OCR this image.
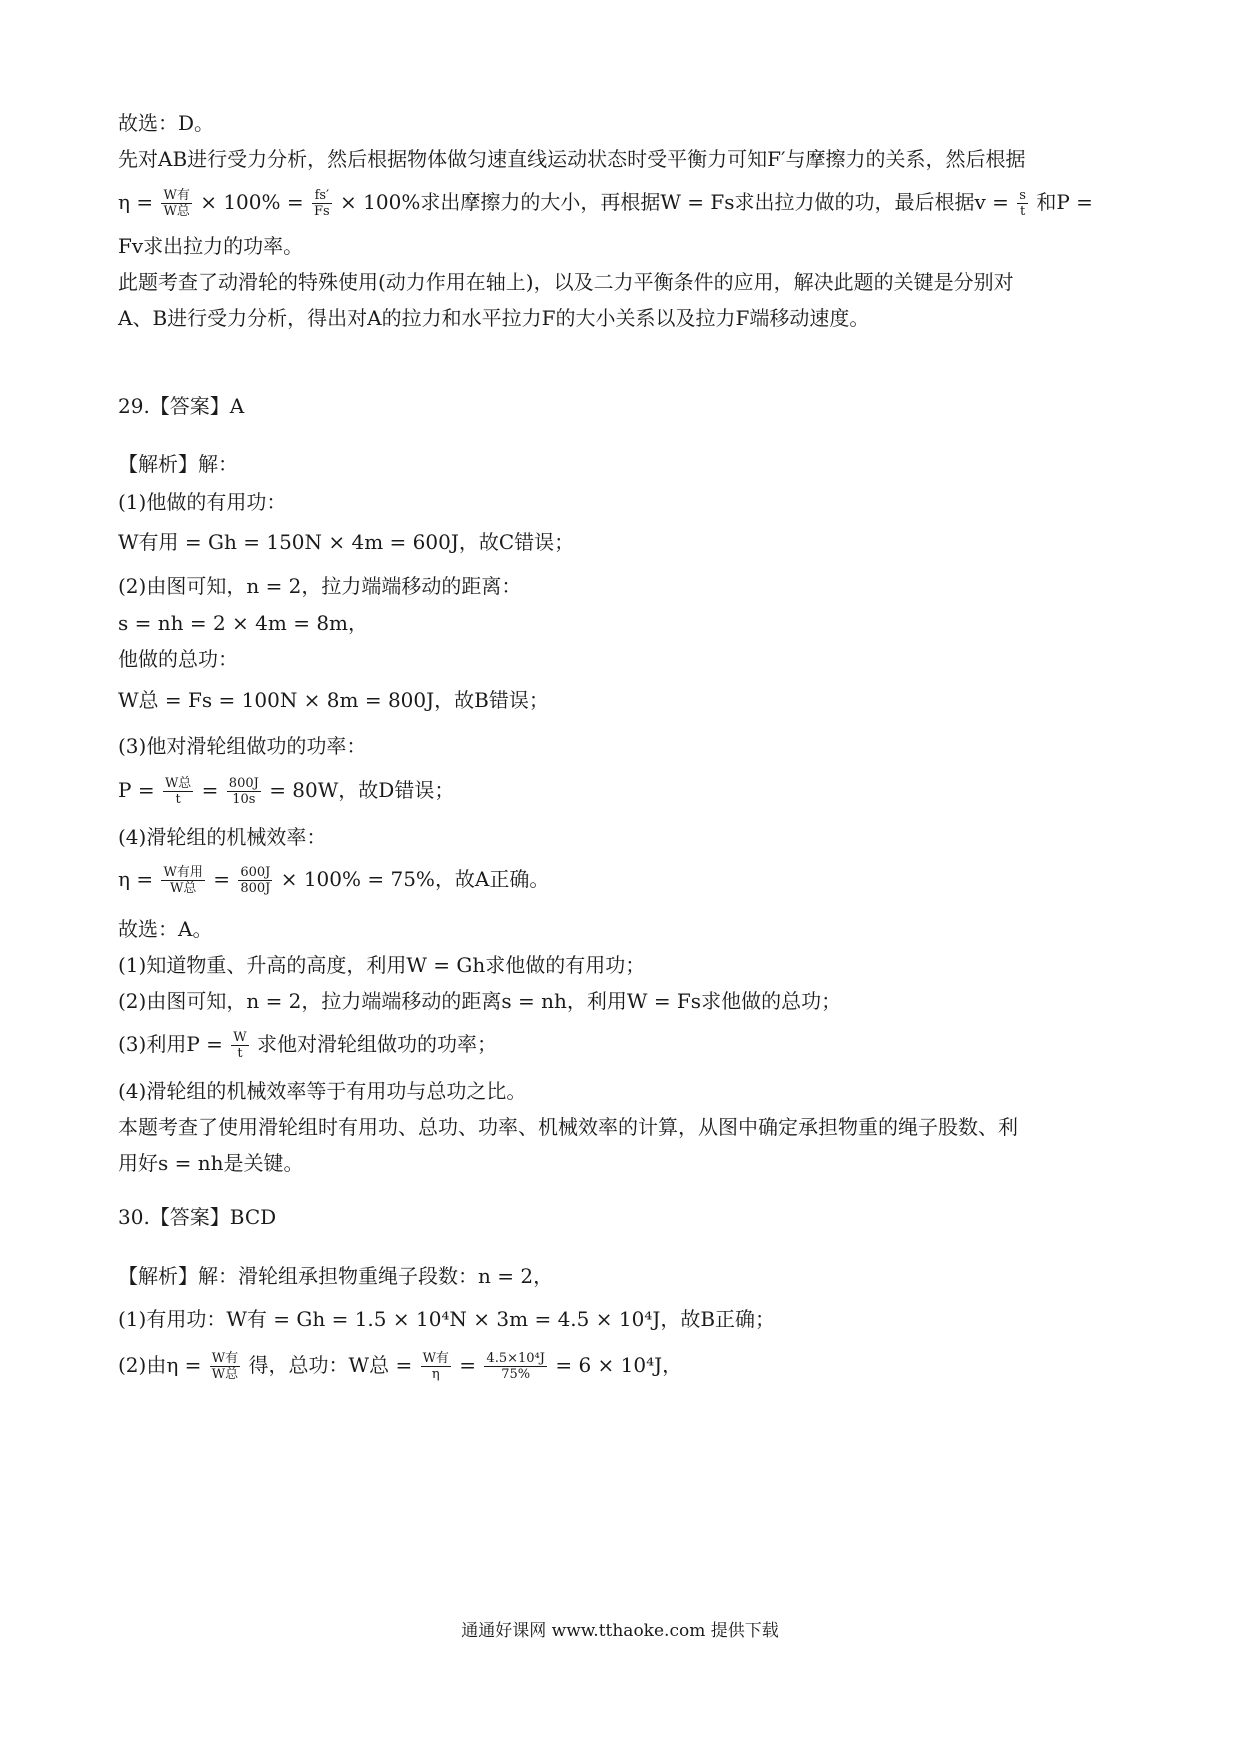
故选：D。
先对AB进行受力分析，然后根据物体做匀速直线运动状态时受平衡力可知F′与摩擦力的关系，然后根据
$\eta = \frac{\text{W有}}{\text{W总}} \times 100\% = \frac{fs'}{Fs} \times 100\%$求出摩擦力的大小，再根据W = Fs求出拉力做的功，最后根据$v = \frac{s}{t}$ 和P =
Fv求出拉力的功率。
此题考查了动滑轮的特殊使用(动力作用在轴上)，以及二力平衡条件的应用，解决此题的关键是分别对
A、B进行受力分析，得出对A的拉力和水平拉力F的大小关系以及拉力F端移动速度。
29.【答案】A
【解析】解：
(1)他做的有用功：
W有用 = Gh = 150N × 4m = 600J，故C错误；
(2)由图可知，n = 2，拉力端端移动的距离：
s = nh = 2 × 4m = 8m，
他做的总功：
W总 = Fs = 100N × 8m = 800J，故B错误；
(3)他对滑轮组做功的功率：
$P = \frac{\text{W总}}{t} = \frac{800J}{10s} = 80W$，故D错误；
(4)滑轮组的机械效率：
$\eta = \frac{\text{W有用}}{\text{W总}} = \frac{600J}{800J} \times 100\% = 75\%$，故A正确。
故选：A。
(1)知道物重、升高的高度，利用W = Gh求他做的有用功；
(2)由图可知，n = 2，拉力端端移动的距离s = nh，利用W = Fs求他做的总功；
(3)利用$P = \frac{W}{t}$ 求他对滑轮组做功的功率；
(4)滑轮组的机械效率等于有用功与总功之比。
本题考查了使用滑轮组时有用功、总功、功率、机械效率的计算，从图中确定承担物重的绳子股数、利
用好s = nh是关键。
30.【答案】BCD
【解析】解：滑轮组承担物重绳子段数：n = 2，
(1)有用功：W有 = Gh = 1.5 × 10⁴N × 3m = 4.5 × 10⁴J，故B正确；
(2)由$\eta = \frac{\text{W有}}{\text{W总}}$ 得，总功：W总 = $\frac{\text{W有}}{\eta} = \frac{\text{4.5×10⁴J}}{75\%} = 6 \times 10^4J$，
通通好课网 www.tthaoke.com 提供下载
